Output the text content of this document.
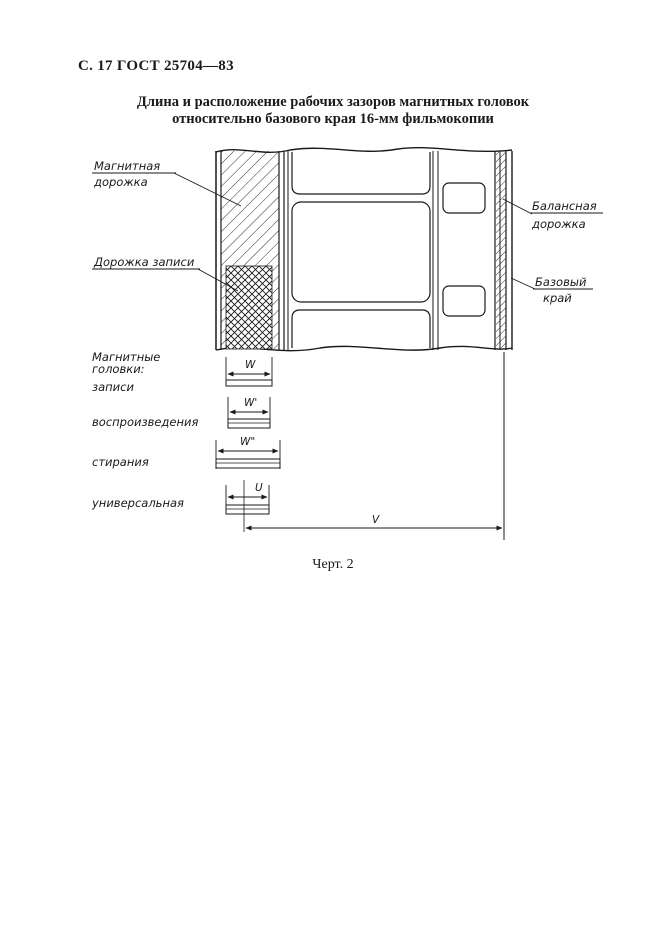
С. 17 ГОСТ 25704—83
Длина и расположение рабочих зазоров магнитных головок
относительно базового края 16-мм фильмокопии
Магнитная
дорожка
Дорожка записи
Балансная
дорожка
Базовый
край
Магнитные
головки:
записи
W
воспроизведения
W'
стирания
W"
универсальная
U
V
Черт. 2
